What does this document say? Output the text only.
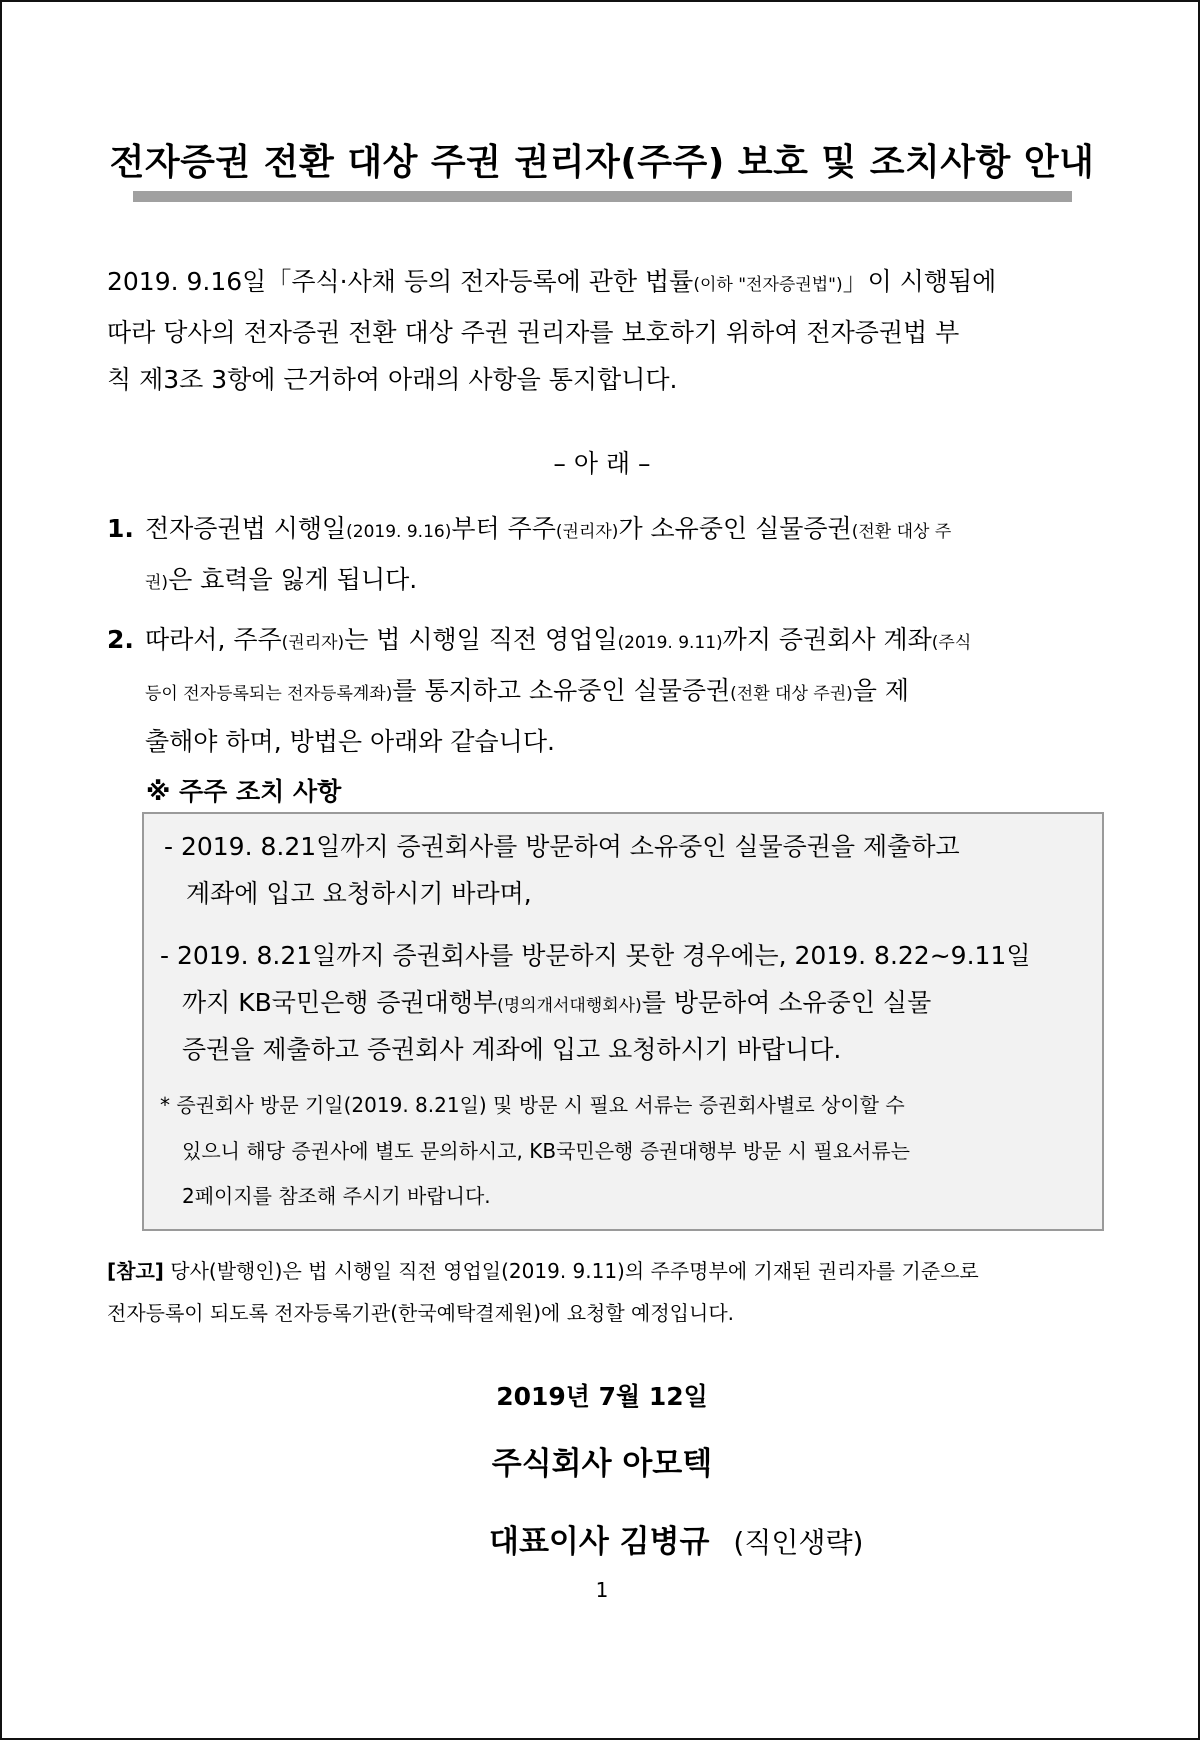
전자증권 전환 대상 주권 권리자(주주) 보호 및 조치사항 안내
2019. 9.16일「주식·사채 등의 전자등록에 관한 법률(이하 "전자증권법")」이 시행됨에
따라 당사의 전자증권 전환 대상 주권 권리자를 보호하기 위하여 전자증권법 부
칙 제3조 3항에 근거하여 아래의 사항을 통지합니다.
– 아 래 –
1. 전자증권법 시행일(2019. 9.16)부터 주주(권리자)가 소유중인 실물증권(전환 대상 주
권)은 효력을 잃게 됩니다.
2. 따라서, 주주(권리자)는 법 시행일 직전 영업일(2019. 9.11)까지 증권회사 계좌(주식
등이 전자등록되는 전자등록계좌)를 통지하고 소유중인 실물증권(전환 대상 주권)을 제
출해야 하며, 방법은 아래와 같습니다.
※ 주주 조치 사항
- 2019. 8.21일까지 증권회사를 방문하여 소유중인 실물증권을 제출하고
계좌에 입고 요청하시기 바라며,
- 2019. 8.21일까지 증권회사를 방문하지 못한 경우에는, 2019. 8.22~9.11일
까지 KB국민은행 증권대행부(명의개서대행회사)를 방문하여 소유중인 실물
증권을 제출하고 증권회사 계좌에 입고 요청하시기 바랍니다.
* 증권회사 방문 기일(2019. 8.21일) 및 방문 시 필요 서류는 증권회사별로 상이할 수
있으니 해당 증권사에 별도 문의하시고, KB국민은행 증권대행부 방문 시 필요서류는
2페이지를 참조해 주시기 바랍니다.
[참고] 당사(발행인)은 법 시행일 직전 영업일(2019. 9.11)의 주주명부에 기재된 권리자를 기준으로
전자등록이 되도록 전자등록기관(한국예탁결제원)에 요청할 예정입니다.
2019년 7월 12일
주식회사 아모텍
대표이사 김병규 (직인생략)
1
